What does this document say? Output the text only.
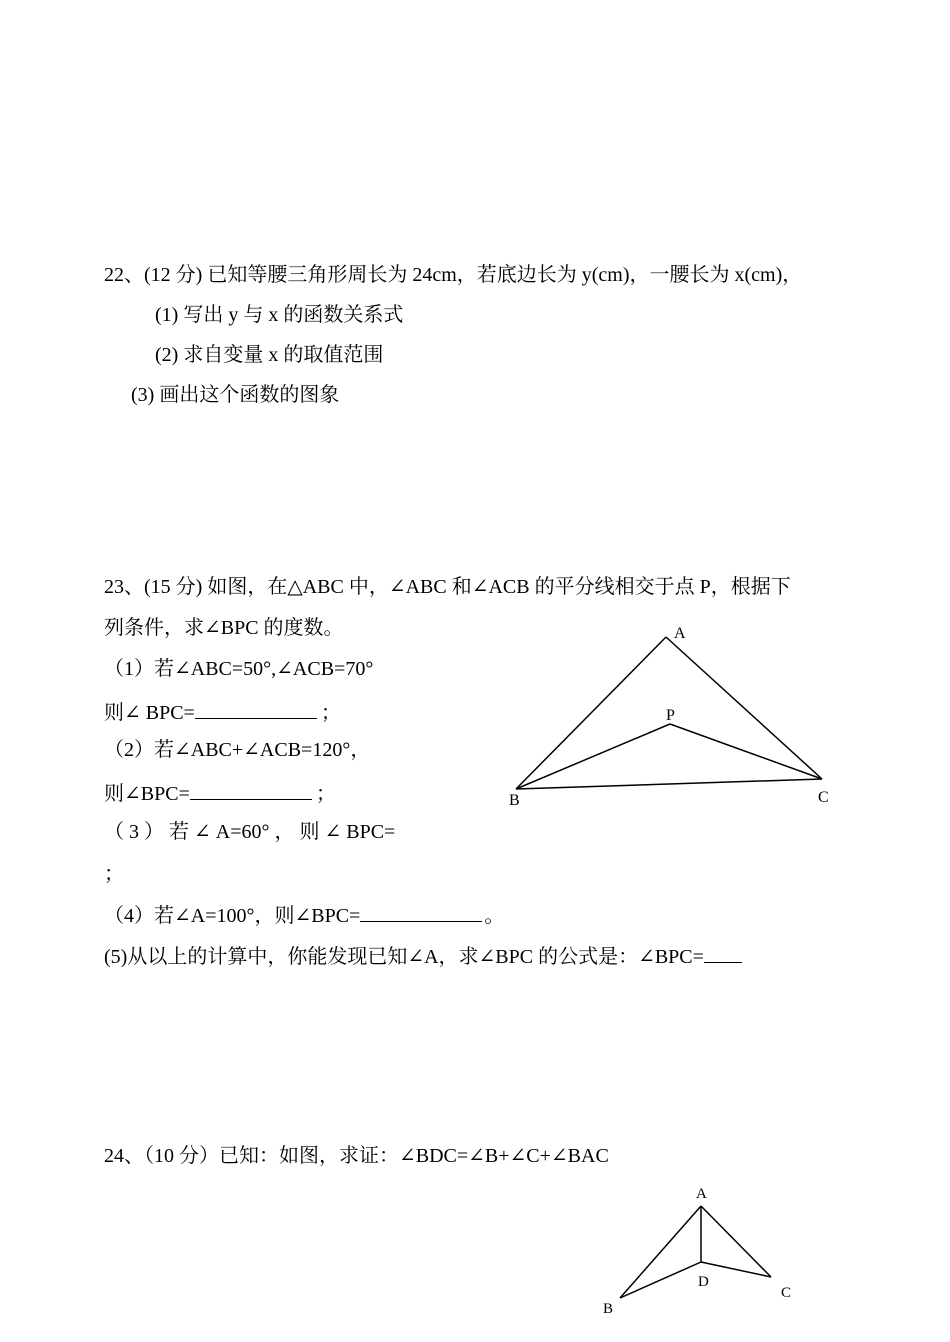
22、(12 分) 已知等腰三角形周长为 24cm，若底边长为 y(cm)，一腰长为 x(cm)，
(1) 写出 y 与 x 的函数关系式
(2) 求自变量 x 的取值范围
(3) 画出这个函数的图象
23、(15 分) 如图，在△ABC 中，∠ABC 和∠ACB 的平分线相交于点 P，根据下
列条件，求∠BPC 的度数。
（1）若∠ABC=50°,∠ACB=70°
则∠ BPC=	；
（2）若∠ABC+∠ACB=120°，
则∠BPC=	；
（ 3 ） 若 ∠ A=60° ， 则 ∠ BPC=
；
（4）若∠A=100°，则∠BPC=	。
(5)从以上的计算中，你能发现已知∠A，求∠BPC 的公式是：∠BPC=
A
P
B	C
A
D
B
C
24、（10 分）已知：如图，求证：∠BDC=∠B+∠C+∠BAC
